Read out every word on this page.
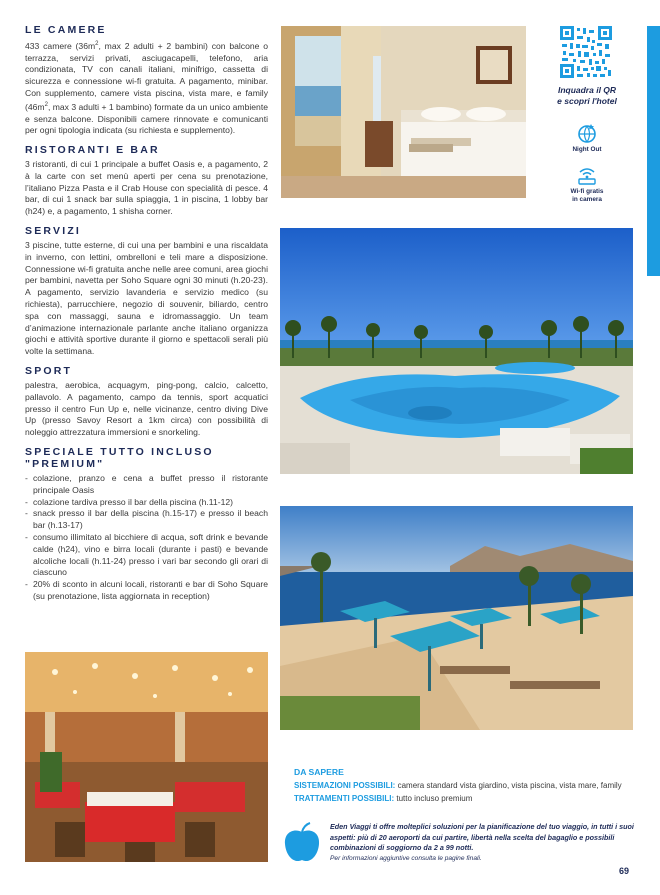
LE CAMERE

433 camere ($36m^2$, max 2 adulti + 2 bambini) con balcone o terrazza, servizi privati, asciugacapelli, telefono, aria condizionata, TV con canali italiani, minifrigo, cassetta di sicurezza e connessione wi-fi gratuita. A pagamento, minibar. Con supplemento, camere vista piscina, vista mare, e family ($46m^2$, max 3 adulti + 1 bambino) formate da un unico ambiente e senza balcone. Disponibili camere rinnovate e comunicanti per ogni tipologia indicata (su richiesta e supplemento).

RISTORANTI E BAR

3 ristoranti, di cui 1 principale a buffet Oasis e, a pagamento, 2 à la carte con set menù aperti per cena su prenotazione, l’italiano Pizza Pasta e il Crab House con specialità di pesce. 4 bar, di cui 1 snack bar sulla spiaggia, 1 in piscina, 1 lobby bar (h24) e, a pagamento, 1 shisha corner.

SERVIZI

3 piscine, tutte esterne, di cui una per bambini e una riscaldata in inverno, con lettini, ombrelloni e teli mare a disposizione. Connessione wi-fi gratuita anche nelle aree comuni, area giochi per bambini, navetta per Soho Square ogni 30 minuti (h.20-23). A pagamento, servizio lavanderia e servizio medico (su richiesta), parrucchiere, negozio di souvenir, biliardo, centro spa con massaggi, sauna e idromassaggio. Un team d’animazione internazionale parlante anche italiano organizza giochi e attività sportive durante il giorno e spettacoli serali più volte la settimana.

SPORT

palestra, aerobica, acquagym, ping-pong, calcio, calcetto, pallavolo. A pagamento, campo da tennis, sport acquatici presso il centro Fun Up e, nelle vicinanze, centro diving Dive Up (presso Savoy Resort a 1km circa) con possibilità di noleggio attrezzatura immersioni e snorkeling.

SPECIALE TUTTO INCLUSO
"PREMIUM"
- colazione, pranzo e cena a buffet presso il ristorante principale Oasis
- colazione tardiva presso il bar della piscina (h.11-12)
- snack presso il bar della piscina (h.15-17) e presso il beach bar (h.13-17)
- consumo illimitato al bicchiere di acqua, soft drink e bevande calde (h24), vino e birra locali (durante i pasti) e bevande alcoliche locali (h.11-24) presso i vari bar secondo gli orari di ciascuno
- 20% di sconto in alcuni locali, ristoranti e bar di Soho Square (su prenotazione, lista aggiornata in reception)
Inquadra il QR
e scopri l'hotel
Night Out
Wi-fi gratis
in camera
DA SAPERE
SISTEMAZIONI POSSIBILI: camera standard vista giardino, vista piscina, vista mare, family
TRATTAMENTI POSSIBILI: tutto incluso premium
Eden Viaggi ti offre molteplici soluzioni per la pianificazione del tuo viaggio, in tutti i suoi aspetti: più di 20 aeroporti da cui partire, libertà nella scelta del bagaglio e possibili combinazioni di soggiorno da 2 a 99 notti.
Per informazioni aggiuntive consulta le pagine finali.
69
